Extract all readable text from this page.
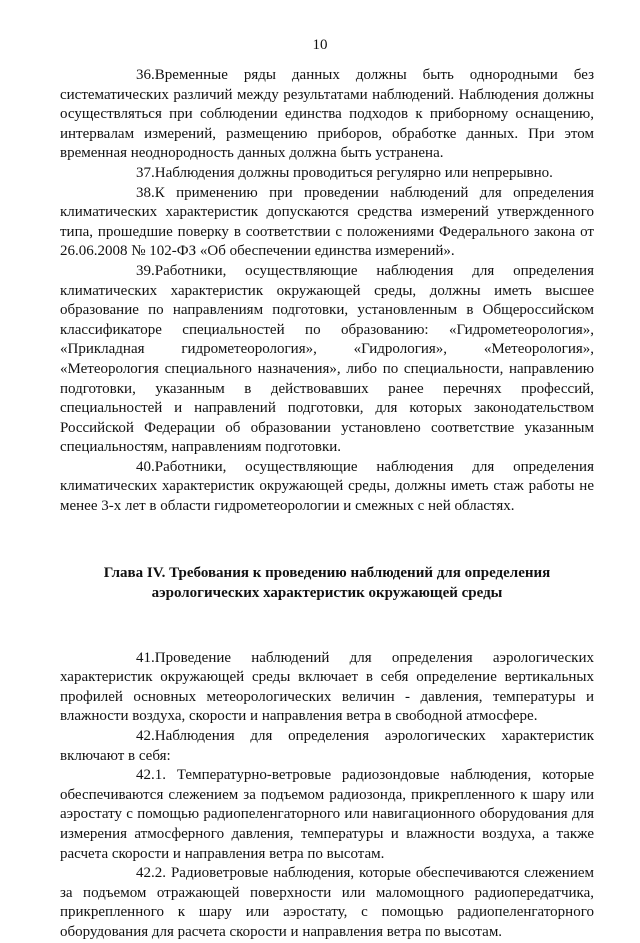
10

36.Временные ряды данных должны быть однородными без систематических различий между результатами наблюдений. Наблюдения должны осуществляться при соблюдении единства подходов к приборному оснащению, интервалам измерений, размещению приборов, обработке данных. При этом временная неоднородность данных должна быть устранена.

37.Наблюдения должны проводиться регулярно или непрерывно.

38.К применению при проведении наблюдений для определения климатических характеристик допускаются средства измерений утвержденного типа, прошедшие поверку в соответствии с положениями Федерального закона от 26.06.2008 № 102-ФЗ «Об обеспечении единства измерений».

39.Работники, осуществляющие наблюдения для определения климатических характеристик окружающей среды, должны иметь высшее образование по направлениям подготовки, установленным в Общероссийском классификаторе специальностей по образованию: «Гидрометеорология», «Прикладная гидрометеорология», «Гидрология», «Метеорология», «Метеорология специального назначения», либо по специальности, направлению подготовки, указанным в действовавших ранее перечнях профессий, специальностей и направлений подготовки, для которых законодательством Российской Федерации об образовании установлено соответствие указанным специальностям, направлениям подготовки.

40.Работники, осуществляющие наблюдения для определения климатических характеристик окружающей среды, должны иметь стаж работы не менее 3-х лет в области гидрометеорологии и смежных с ней областях.

Глава IV. Требования к проведению наблюдений для определения
аэрологических характеристик окружающей среды

41.Проведение наблюдений для определения аэрологических характеристик окружающей среды включает в себя определение вертикальных профилей основных метеорологических величин - давления, температуры и влажности воздуха, скорости и направления ветра в свободной атмосфере.

42.Наблюдения для определения аэрологических характеристик включают в себя:

42.1. Температурно-ветровые радиозондовые наблюдения, которые обеспечиваются слежением за подъемом радиозонда, прикрепленного к шару или аэростату с помощью радиопеленгаторного или навигационного оборудования для измерения атмосферного давления, температуры и влажности воздуха, а также расчета скорости и направления ветра по высотам.

42.2. Радиоветровые наблюдения, которые обеспечиваются слежением за подъемом отражающей поверхности или маломощного радиопередатчика, прикрепленного к шару или аэростату, с помощью радиопеленгаторного оборудования для расчета скорости и направления ветра по высотам.
